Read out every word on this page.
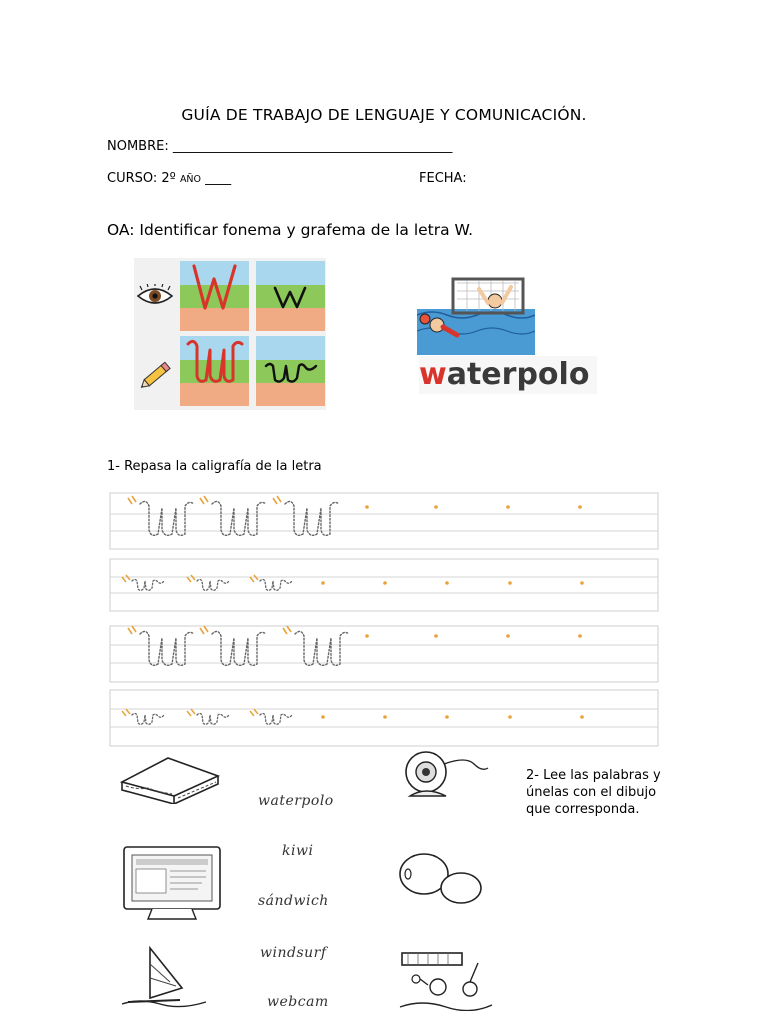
GUÍA DE TRABAJO DE LENGUAJE Y COMUNICACIÓN.
NOMBRE: ___________________________________________
CURSO: 2º AÑO ____	FECHA:
OA: Identificar fonema y grafema de la letra W.
waterpolo
1- Repasa la caligrafía de la letra
2- Lee las palabras y únelas con el dibujo que corresponda.
waterpolo
kiwi
sándwich
windsurf
webcam
